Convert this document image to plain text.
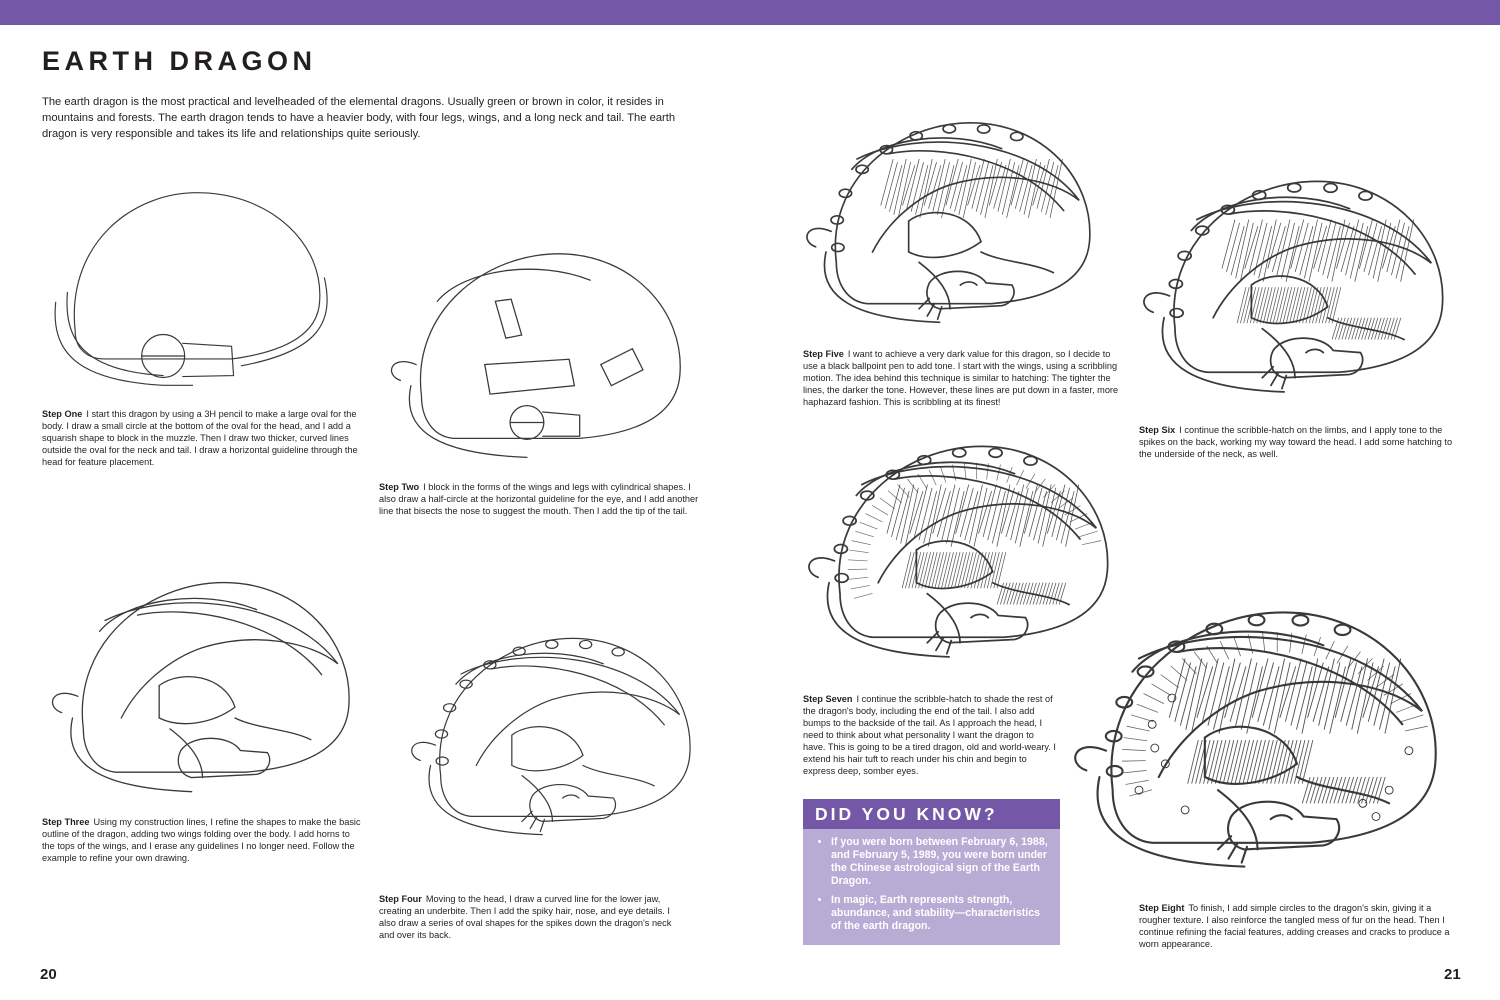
EARTH DRAGON

The earth dragon is the most practical and levelheaded of the elemental dragons. Usually green or brown in color, it resides in mountains and forests. The earth dragon tends to have a heavier body, with four legs, wings, and a long neck and tail. The earth dragon is very responsible and takes its life and relationships quite seriously.

Step One I start this dragon by using a 3H pencil to make a large oval for the body. I draw a small circle at the bottom of the oval for the head, and I add a squarish shape to block in the muzzle. Then I draw two thicker, curved lines outside the oval for the neck and tail. I draw a horizontal guideline through the head for feature placement.

Step Two I block in the forms of the wings and legs with cylindrical shapes. I also draw a half-circle at the horizontal guideline for the eye, and I add another line that bisects the nose to suggest the mouth. Then I add the tip of the tail.

Step Three Using my construction lines, I refine the shapes to make the basic outline of the dragon, adding two wings folding over the body. I add horns to the tops of the wings, and I erase any guidelines I no longer need. Follow the example to refine your own drawing.

Step Four Moving to the head, I draw a curved line for the lower jaw, creating an underbite. Then I add the spiky hair, nose, and eye details. I also draw a series of oval shapes for the spikes down the dragon's neck and over its back.

Step Five I want to achieve a very dark value for this dragon, so I decide to use a black ballpoint pen to add tone. I start with the wings, using a scribbling motion. The idea behind this technique is similar to hatching: The tighter the lines, the darker the tone. However, these lines are put down in a faster, more haphazard fashion. This is scribbling at its finest!

Step Six I continue the scribble-hatch on the limbs, and I apply tone to the spikes on the back, working my way toward the head. I add some hatching to the underside of the neck, as well.

Step Seven I continue the scribble-hatch to shade the rest of the dragon's body, including the end of the tail. I also add bumps to the backside of the tail. As I approach the head, I need to think about what personality I want the dragon to have. This is going to be a tired dragon, old and world-weary. I extend his hair tuft to reach under his chin and begin to express deep, somber eyes.

Step Eight To finish, I add simple circles to the dragon's skin, giving it a rougher texture. I also reinforce the tangled mess of fur on the head. Then I continue refining the facial features, adding creases and cracks to produce a worn appearance.

DID YOU KNOW?
• If you were born between February 6, 1988, and February 5, 1989, you were born under the Chinese astrological sign of the Earth Dragon.
• In magic, Earth represents strength, abundance, and stability—characteristics of the earth dragon.
20	21
